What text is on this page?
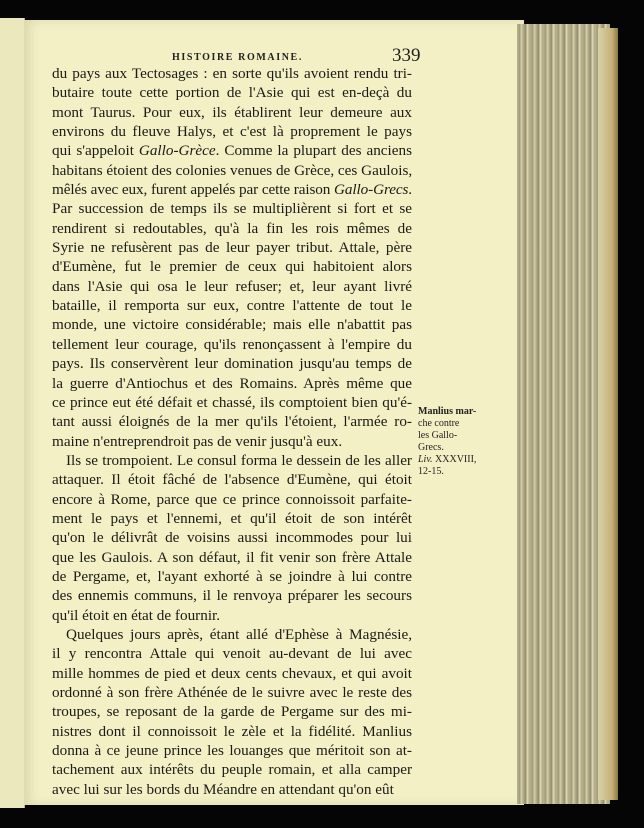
HISTOIRE ROMAINE.	339
du pays aux Tectosages : en sorte qu'ils avoient rendu tri-
butaire toute cette portion de l'Asie qui est en-deçà du
mont Taurus. Pour eux, ils établirent leur demeure aux
environs du fleuve Halys, et c'est là proprement le pays
qui s'appeloit Gallo-Grèce. Comme la plupart des anciens
habitans étoient des colonies venues de Grèce, ces Gaulois,
mêlés avec eux, furent appelés par cette raison Gallo-Grecs.
Par succession de temps ils se multiplièrent si fort et se
rendirent si redoutables, qu'à la fin les rois mêmes de
Syrie ne refusèrent pas de leur payer tribut. Attale, père
d'Eumène, fut le premier de ceux qui habitoient alors
dans l'Asie qui osa le leur refuser; et, leur ayant livré
bataille, il remporta sur eux, contre l'attente de tout le
monde, une victoire considérable; mais elle n'abattit pas
tellement leur courage, qu'ils renonçassent à l'empire du
pays. Ils conservèrent leur domination jusqu'au temps de
la guerre d'Antiochus et des Romains. Après même que
ce prince eut été défait et chassé, ils comptoient bien qu'é-
tant aussi éloignés de la mer qu'ils l'étoient, l'armée ro-
maine n'entreprendroit pas de venir jusqu'à eux.
Ils se trompoient. Le consul forma le dessein de les aller
attaquer. Il étoit fâché de l'absence d'Eumène, qui étoit
encore à Rome, parce que ce prince connoissoit parfaite-
ment le pays et l'ennemi, et qu'il étoit de son intérêt
qu'on le délivrât de voisins aussi incommodes pour lui
que les Gaulois. A son défaut, il fit venir son frère Attale
de Pergame, et, l'ayant exhorté à se joindre à lui contre
des ennemis communs, il le renvoya préparer les secours
qu'il étoit en état de fournir.
Quelques jours après, étant allé d'Ephèse à Magnésie,
il y rencontra Attale qui venoit au-devant de lui avec
mille hommes de pied et deux cents chevaux, et qui avoit
ordonné à son frère Athénée de le suivre avec le reste des
troupes, se reposant de la garde de Pergame sur des mi-
nistres dont il connoissoit le zèle et la fidélité. Manlius
donna à ce jeune prince les louanges que méritoit son at-
tachement aux intérêts du peuple romain, et alla camper
avec lui sur les bords du Méandre en attendant qu'on eût
Manlius mar-
che contre
les Gallo-
Grecs.
Liv. XXXVIII,
12-15.
